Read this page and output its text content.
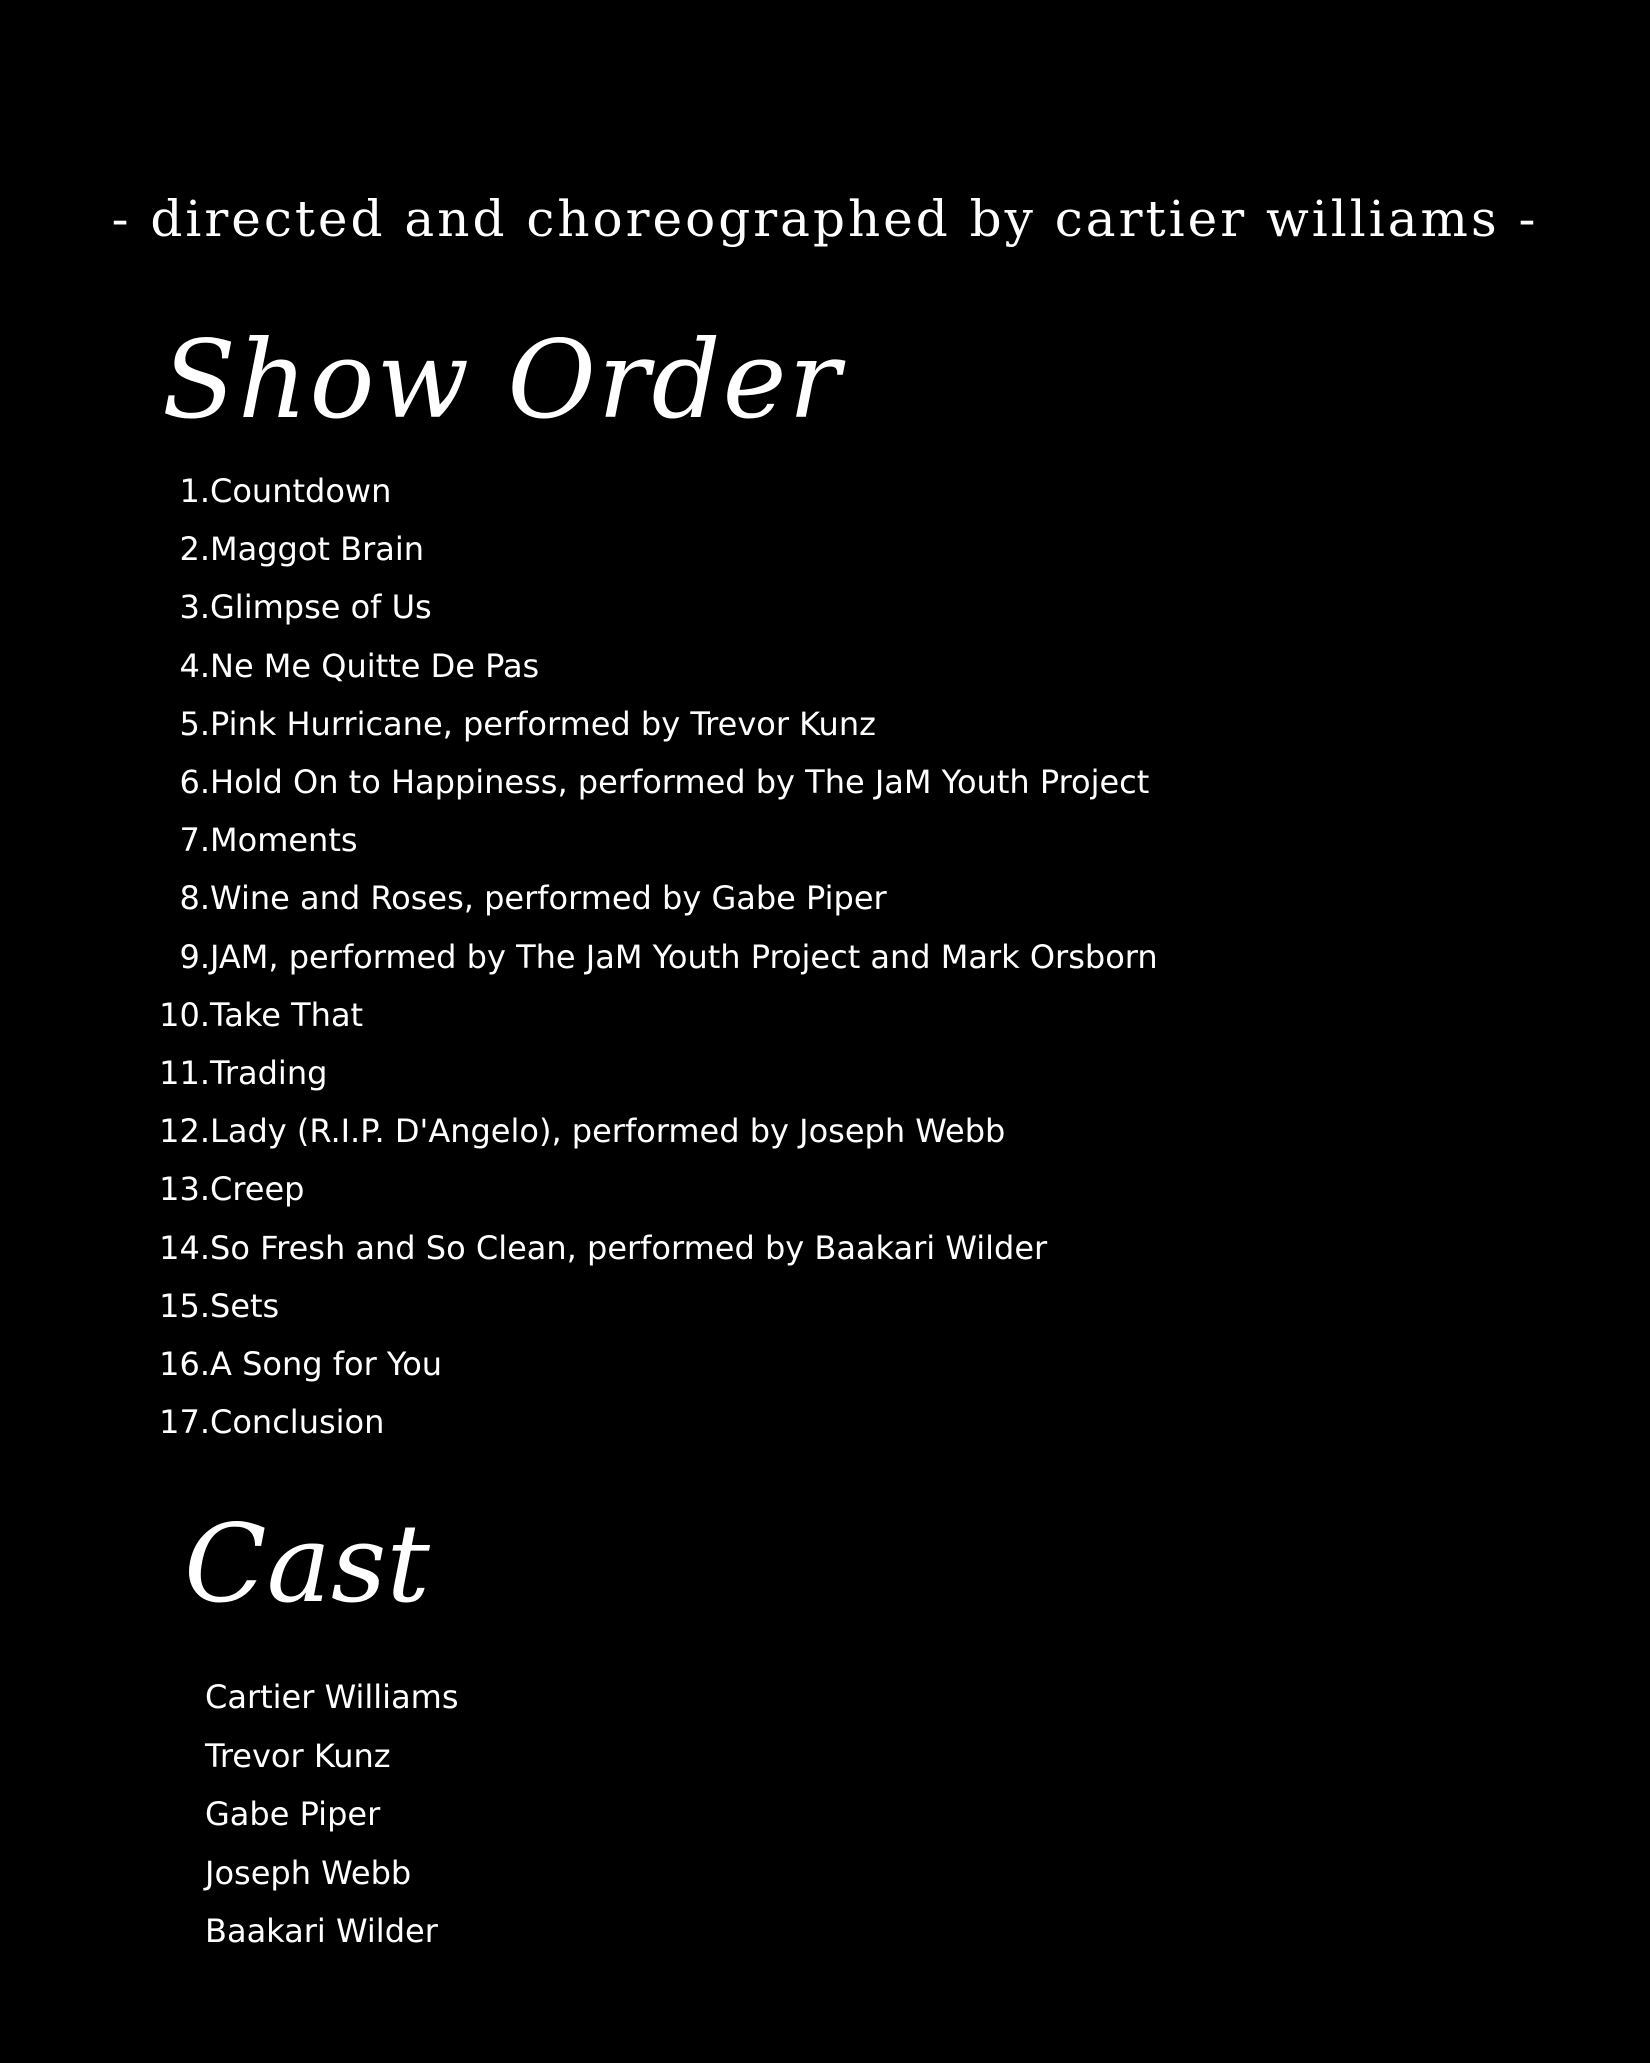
- directed and choreographed by cartier williams -
Show Order
1. Countdown
2. Maggot Brain
3. Glimpse of Us
4. Ne Me Quitte De Pas
5. Pink Hurricane, performed by Trevor Kunz
6. Hold On to Happiness, performed by The JaM Youth Project
7. Moments
8. Wine and Roses, performed by Gabe Piper
9. JAM, performed by The JaM Youth Project and Mark Orsborn
10. Take That
11. Trading
12. Lady (R.I.P. D'Angelo), performed by Joseph Webb
13. Creep
14. So Fresh and So Clean, performed by Baakari Wilder
15. Sets
16. A Song for You
17. Conclusion
Cast
Cartier Williams
Trevor Kunz
Gabe Piper
Joseph Webb
Baakari Wilder
